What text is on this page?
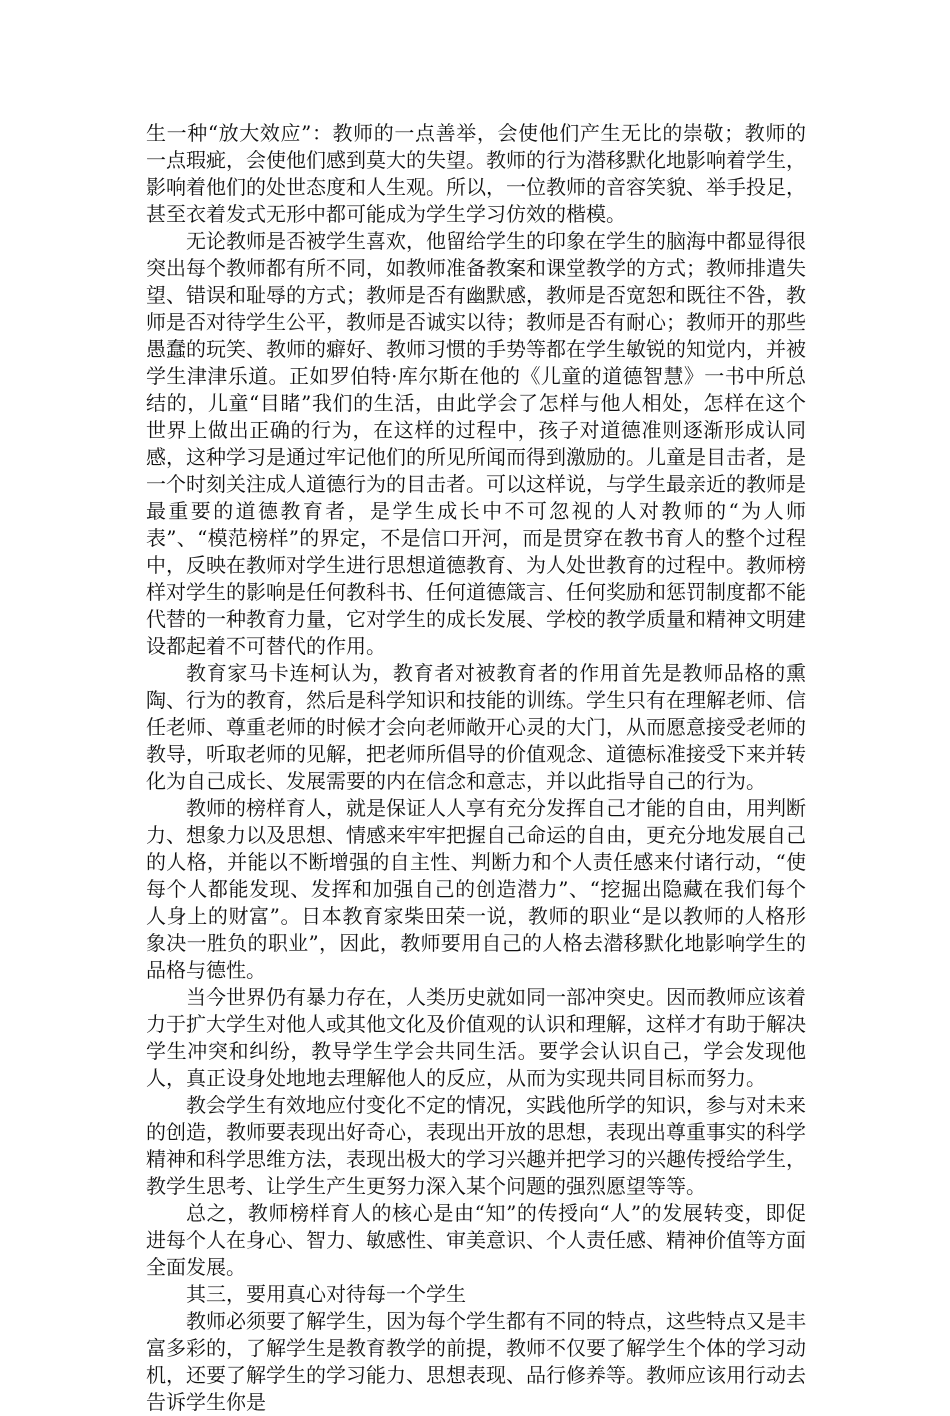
生一种“放大效应”：教师的一点善举，会使他们产生无比的崇敬；教师的一点瑕疵，会使他们感到莫大的失望。教师的行为潜移默化地影响着学生，影响着他们的处世态度和人生观。所以，一位教师的音容笑貌、举手投足，甚至衣着发式无形中都可能成为学生学习仿效的楷模。

无论教师是否被学生喜欢，他留给学生的印象在学生的脑海中都显得很突出每个教师都有所不同，如教师准备教案和课堂教学的方式；教师排遣失望、错误和耻辱的方式；教师是否有幽默感，教师是否宽恕和既往不咎，教师是否对待学生公平，教师是否诚实以待；教师是否有耐心；教师开的那些愚蠢的玩笑、教师的癖好、教师习惯的手势等都在学生敏锐的知觉内，并被学生津津乐道。正如罗伯特·库尔斯在他的《儿童的道德智慧》一书中所总结的，儿童“目睹”我们的生活，由此学会了怎样与他人相处，怎样在这个世界上做出正确的行为，在这样的过程中，孩子对道德准则逐渐形成认同感，这种学习是通过牢记他们的所见所闻而得到激励的。儿童是目击者，是一个时刻关注成人道德行为的目击者。可以这样说，与学生最亲近的教师是最重要的道德教育者，是学生成长中不可忽视的人对教师的“为人师表”、“模范榜样”的界定，不是信口开河，而是贯穿在教书育人的整个过程中，反映在教师对学生进行思想道德教育、为人处世教育的过程中。教师榜样对学生的影响是任何教科书、任何道德箴言、任何奖励和惩罚制度都不能代替的一种教育力量，它对学生的成长发展、学校的教学质量和精神文明建设都起着不可替代的作用。

教育家马卡连柯认为，教育者对被教育者的作用首先是教师品格的熏陶、行为的教育，然后是科学知识和技能的训练。学生只有在理解老师、信任老师、尊重老师的时候才会向老师敞开心灵的大门，从而愿意接受老师的教导，听取老师的见解，把老师所倡导的价值观念、道德标准接受下来并转化为自己成长、发展需要的内在信念和意志，并以此指导自己的行为。

教师的榜样育人，就是保证人人享有充分发挥自己才能的自由，用判断力、想象力以及思想、情感来牢牢把握自己命运的自由，更充分地发展自己的人格，并能以不断增强的自主性、判断力和个人责任感来付诸行动，“使每个人都能发现、发挥和加强自己的创造潜力”、“挖掘出隐藏在我们每个人身上的财富”。日本教育家柴田荣一说，教师的职业“是以教师的人格形象决一胜负的职业”，因此，教师要用自己的人格去潜移默化地影响学生的品格与德性。

当今世界仍有暴力存在，人类历史就如同一部冲突史。因而教师应该着力于扩大学生对他人或其他文化及价值观的认识和理解，这样才有助于解决学生冲突和纠纷，教导学生学会共同生活。要学会认识自己，学会发现他人，真正设身处地地去理解他人的反应，从而为实现共同目标而努力。

教会学生有效地应付变化不定的情况，实践他所学的知识，参与对未来的创造，教师要表现出好奇心，表现出开放的思想，表现出尊重事实的科学精神和科学思维方法，表现出极大的学习兴趣并把学习的兴趣传授给学生，教学生思考、让学生产生更努力深入某个问题的强烈愿望等等。

总之，教师榜样育人的核心是由“知”的传授向“人”的发展转变，即促进每个人在身心、智力、敏感性、审美意识、个人责任感、精神价值等方面全面发展。

其三，要用真心对待每一个学生

教师必须要了解学生，因为每个学生都有不同的特点，这些特点又是丰富多彩的，了解学生是教育教学的前提，教师不仅要了解学生个体的学习动机，还要了解学生的学习能力、思想表现、品行修养等。教师应该用行动去告诉学生你是
